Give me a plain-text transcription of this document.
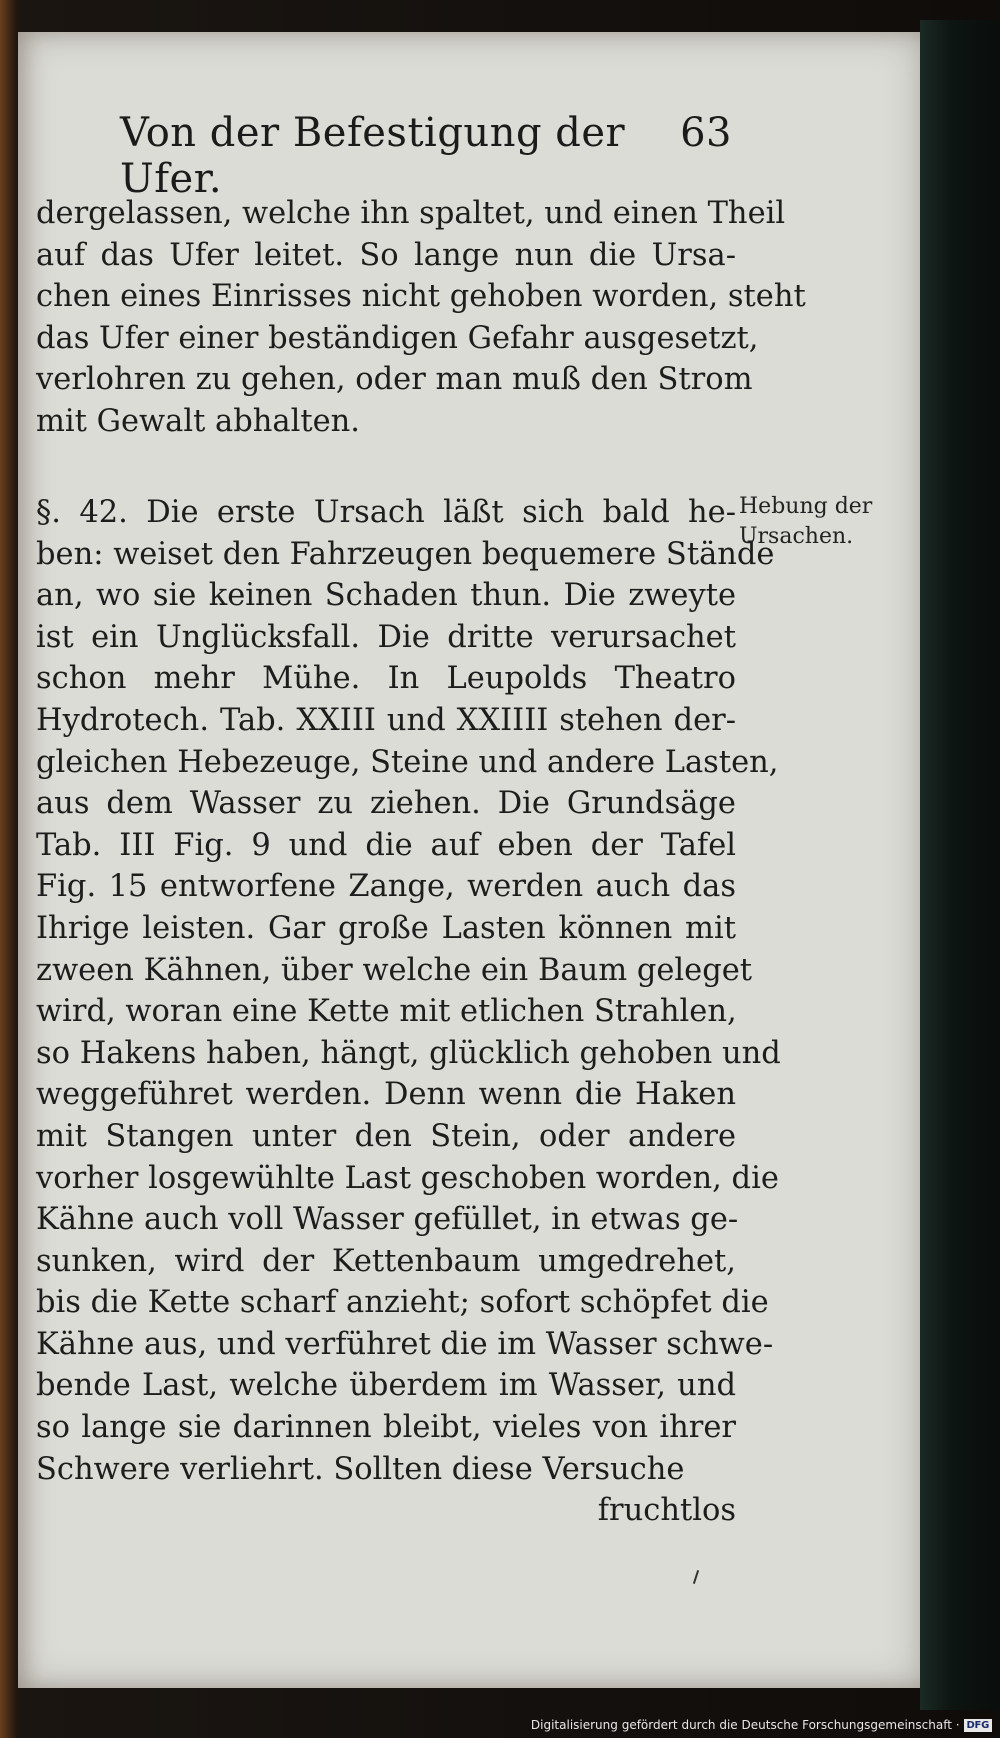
Von der Befestigung der Ufer.
63
dergelassen, welche ihn spaltet, und einen Theil
auf das Ufer leitet. So lange nun die Ursa-
chen eines Einrisses nicht gehoben worden, steht
das Ufer einer beständigen Gefahr ausgesetzt,
verlohren zu gehen, oder man muß den Strom
mit Gewalt abhalten.
§. 42. Die erste Ursach läßt sich bald he-
ben: weiset den Fahrzeugen bequemere Stände
an, wo sie keinen Schaden thun. Die zweyte
ist ein Unglücksfall. Die dritte verursachet
schon mehr Mühe. In Leupolds Theatro
Hydrotech. Tab. XXIII und XXIIII stehen der-
gleichen Hebezeuge, Steine und andere Lasten,
aus dem Wasser zu ziehen. Die Grundsäge
Tab. III Fig. 9 und die auf eben der Tafel
Fig. 15 entworfene Zange, werden auch das
Ihrige leisten. Gar große Lasten können mit
zween Kähnen, über welche ein Baum geleget
wird, woran eine Kette mit etlichen Strahlen,
so Hakens haben, hängt, glücklich gehoben und
weggeführet werden. Denn wenn die Haken
mit Stangen unter den Stein, oder andere
vorher losgewühlte Last geschoben worden, die
Kähne auch voll Wasser gefüllet, in etwas ge-
sunken, wird der Kettenbaum umgedrehet,
bis die Kette scharf anzieht; sofort schöpfet die
Kähne aus, und verführet die im Wasser schwe-
bende Last, welche überdem im Wasser, und
so lange sie darinnen bleibt, vieles von ihrer
Schwere verliehrt. Sollten diese Versuche
fruchtlos
Hebung der
Ursachen.
Digitalisierung gefördert durch die Deutsche Forschungsgemeinschaft · DFG
